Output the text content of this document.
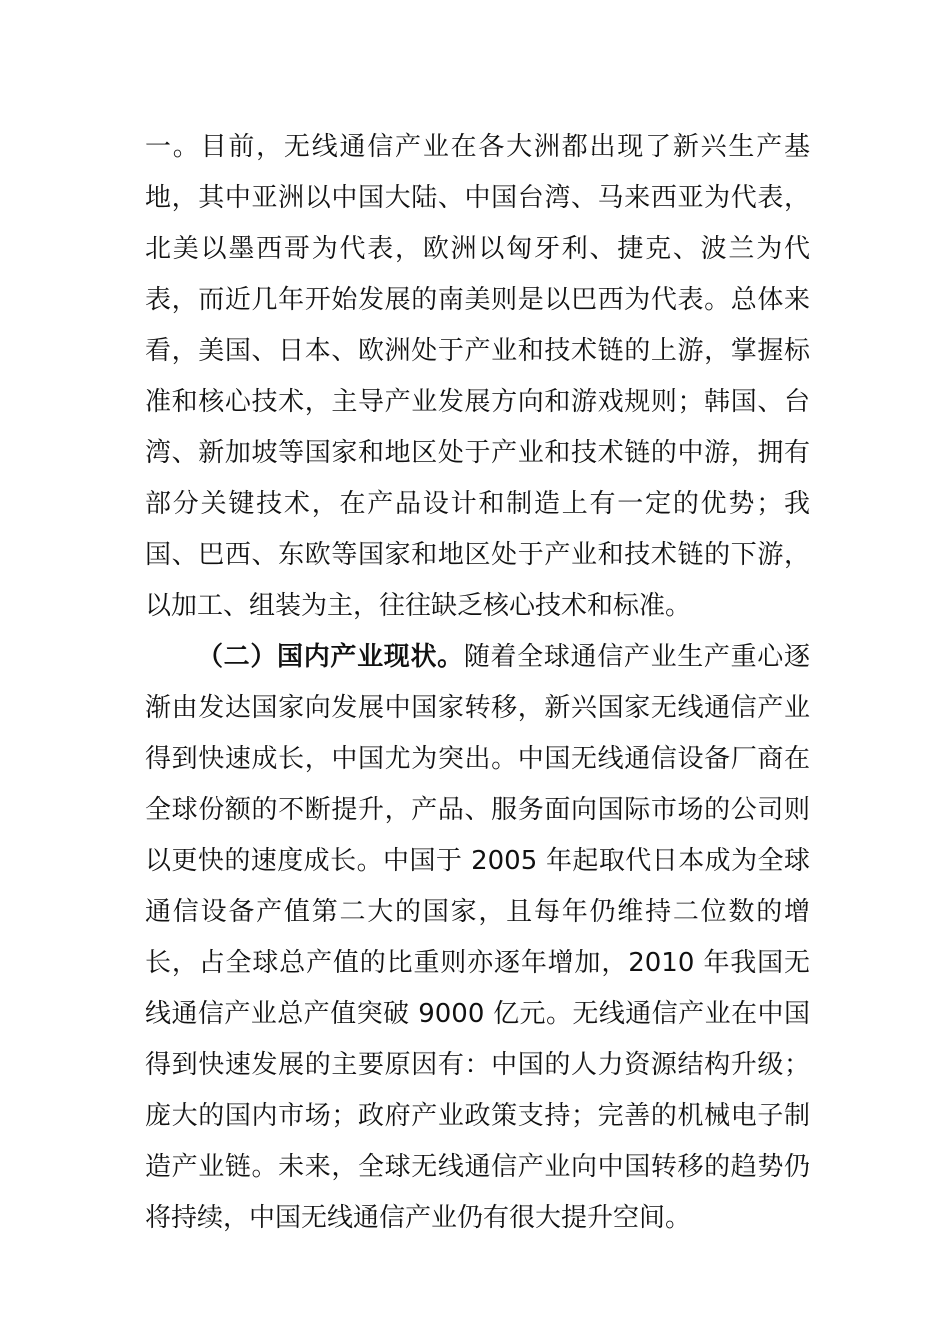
一。目前，无线通信产业在各大洲都出现了新兴生产基地，其中亚洲以中国大陆、中国台湾、马来西亚为代表，北美以墨西哥为代表，欧洲以匈牙利、捷克、波兰为代表，而近几年开始发展的南美则是以巴西为代表。总体来看，美国、日本、欧洲处于产业和技术链的上游，掌握标准和核心技术，主导产业发展方向和游戏规则；韩国、台湾、新加坡等国家和地区处于产业和技术链的中游，拥有部分关键技术，在产品设计和制造上有一定的优势；我国、巴西、东欧等国家和地区处于产业和技术链的下游，以加工、组装为主，往往缺乏核心技术和标准。

（二）国内产业现状。随着全球通信产业生产重心逐渐由发达国家向发展中国家转移，新兴国家无线通信产业得到快速成长，中国尤为突出。中国无线通信设备厂商在全球份额的不断提升，产品、服务面向国际市场的公司则以更快的速度成长。中国于 2005 年起取代日本成为全球通信设备产值第二大的国家，且每年仍维持二位数的增长，占全球总产值的比重则亦逐年增加，2010 年我国无线通信产业总产值突破 9000 亿元。无线通信产业在中国得到快速发展的主要原因有：中国的人力资源结构升级；庞大的国内市场；政府产业政策支持；完善的机械电子制造产业链。未来，全球无线通信产业向中国转移的趋势仍将持续，中国无线通信产业仍有很大提升空间。
